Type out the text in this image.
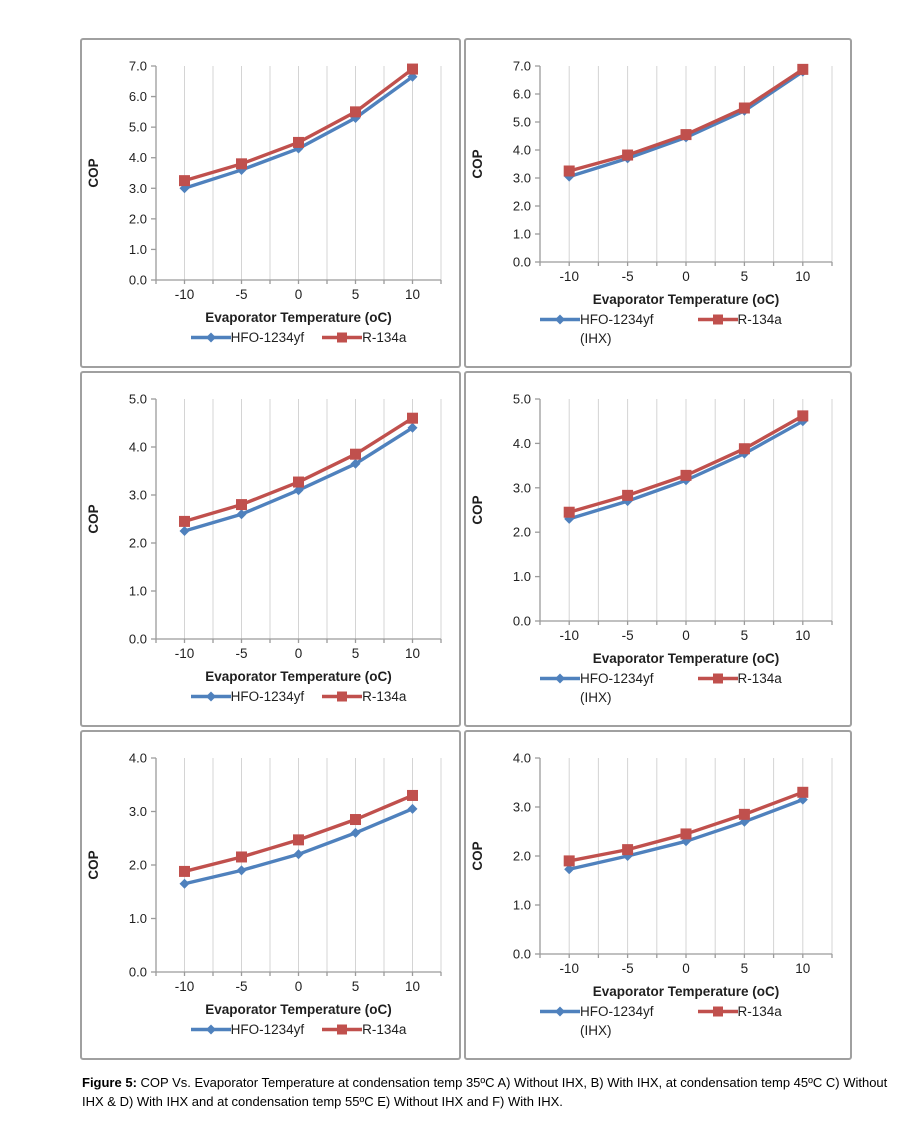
0.0
1.0
2.0
3.0
4.0
5.0
6.0
7.0
-10	-5	0	5	10
Evaporator Temperature (oC)
COP
HFO-1234yf	R-134a
0.0
1.0
2.0
3.0
4.0
5.0
6.0
7.0
-10	-5	0	5	10
Evaporator Temperature (oC)
COP
HFO-1234yf
(IHX)
R-134a
0.0
1.0
2.0
3.0
4.0
5.0
-10	-5	0	5	10
Evaporator Temperature (oC)
COP
HFO-1234yf	R-134a
0.0
1.0
2.0
3.0
4.0
5.0
-10	-5	0	5	10
Evaporator Temperature (oC)
COP
HFO-1234yf
(IHX)
R-134a
0.0
1.0
2.0
3.0
4.0
-10	-5	0	5	10
Evaporator Temperature (oC)
COP
HFO-1234yf	R-134a
0.0
1.0
2.0
3.0
4.0
-10	-5	0	5	10
Evaporator Temperature (oC)
COP
HFO-1234yf
(IHX)
R-134a

Figure 5: COP Vs. Evaporator Temperature at condensation temp 35ºC A) Without IHX, B) With IHX, at condensation temp 45ºC C) Without IHX & D) With IHX and at condensation temp 55ºC E) Without IHX and F) With IHX.
